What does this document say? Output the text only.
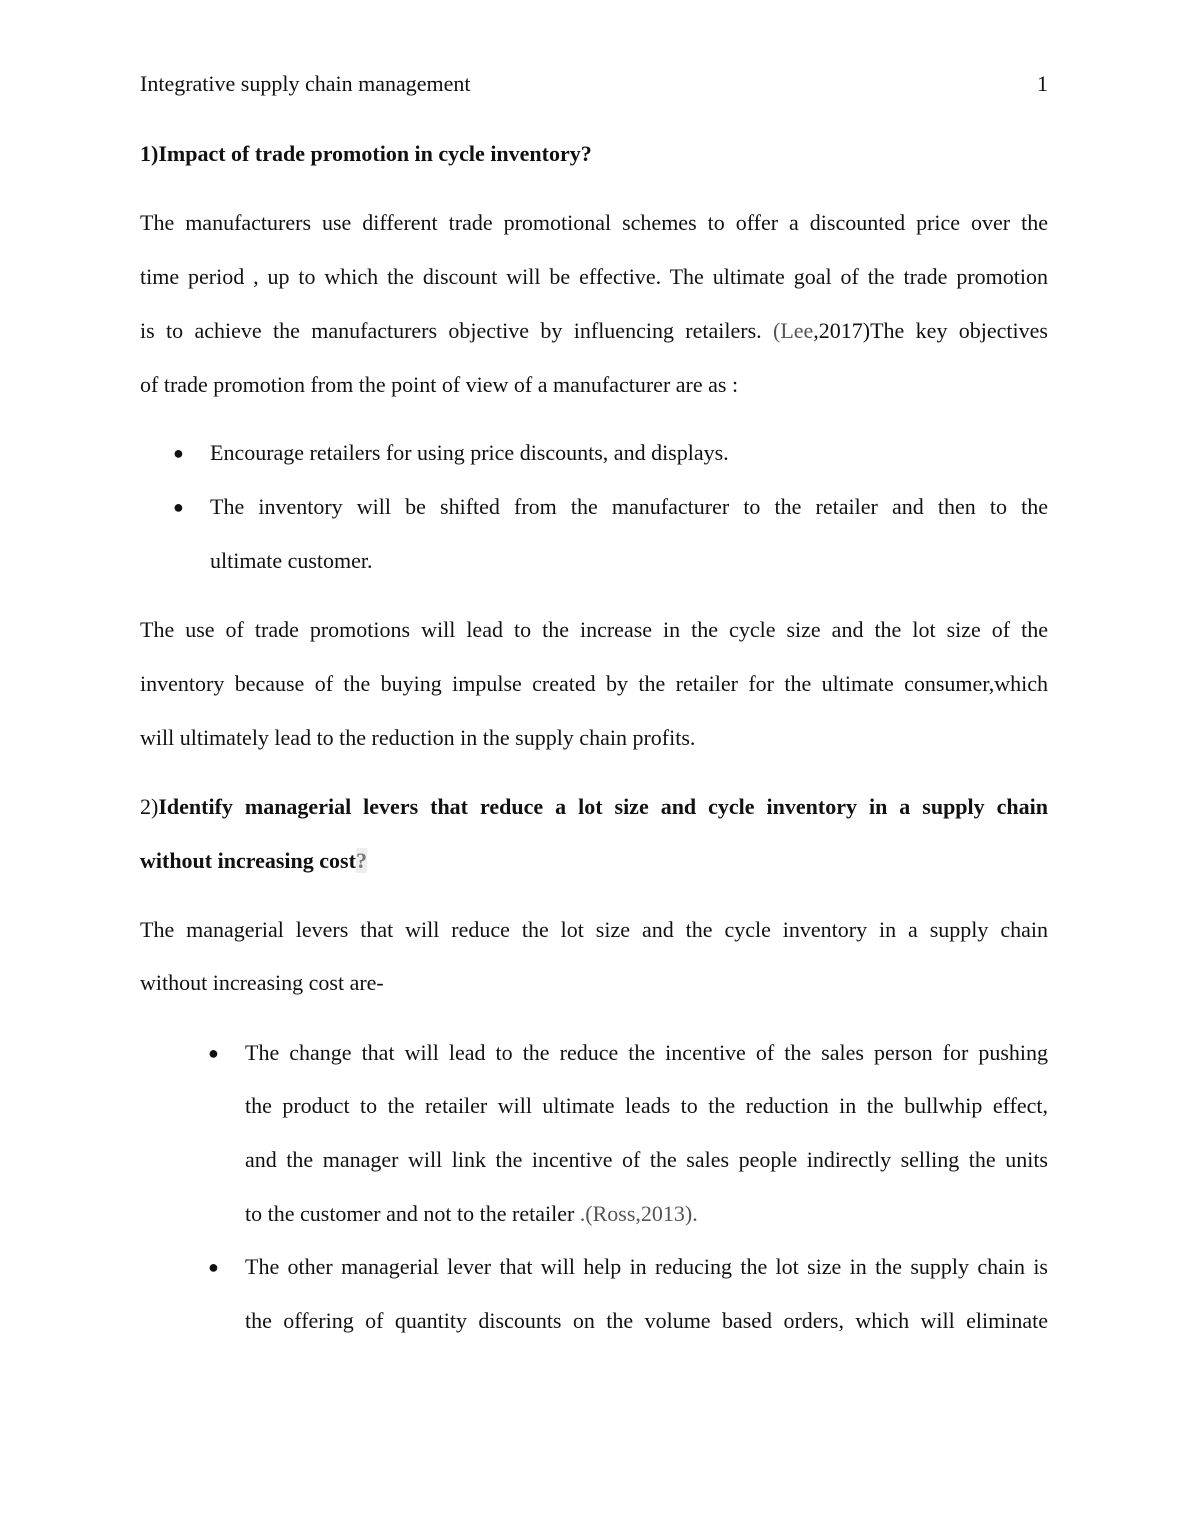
Integrative supply chain management	1
1)Impact of trade promotion in cycle inventory?
The manufacturers use different trade promotional schemes to offer a discounted price over the
time period , up to which the discount will be effective. The ultimate goal of the trade promotion
is to achieve the manufacturers objective by influencing retailers. (Lee,2017)The key objectives
of trade promotion from the point of view of a manufacturer are as :
● Encourage retailers for using price discounts, and displays.
● The inventory will be shifted from the manufacturer to the retailer and then to the
ultimate customer.
The use of trade promotions will lead to the increase in the cycle size and the lot size of the
inventory because of the buying impulse created by the retailer for the ultimate consumer,which
will ultimately lead to the reduction in the supply chain profits.
2)Identify managerial levers that reduce a lot size and cycle inventory in a supply chain
without increasing cost?
The managerial levers that will reduce the lot size and the cycle inventory in a supply chain
without increasing cost are-
● The change that will lead to the reduce the incentive of the sales person for pushing
the product to the retailer will ultimate leads to the reduction in the bullwhip effect,
and the manager will link the incentive of the sales people indirectly selling the units
to the customer and not to the retailer .(Ross,2013).
● The other managerial lever that will help in reducing the lot size in the supply chain is
the offering of quantity discounts on the volume based orders, which will eliminate
